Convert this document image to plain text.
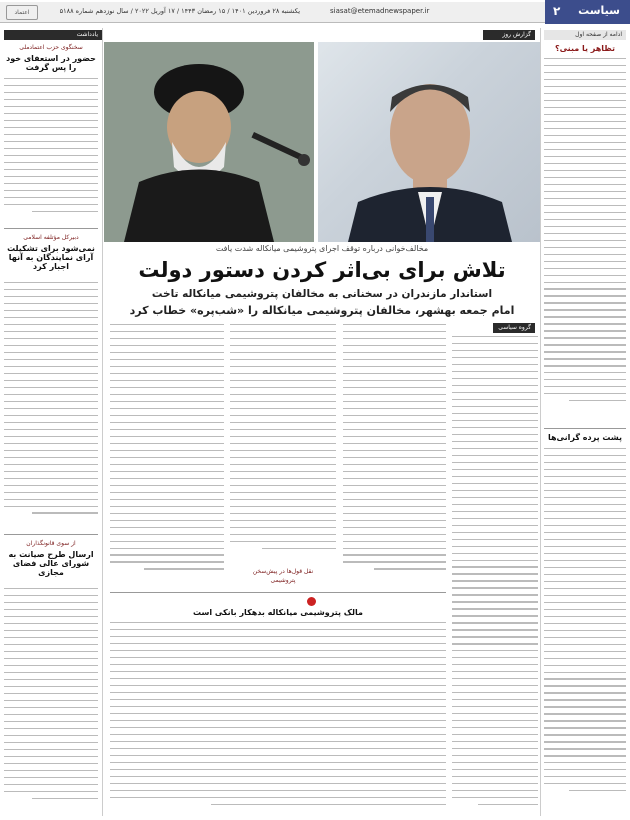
اعتماد	siasat@etemadnewspaper.ir
یکشنبه ۲۸ فروردین ۱۴۰۱ / ۱۵ رمضان ۱۴۴۳ / ۱۷ آوریل ۲۰۲۲ / سال نوزدهم شماره ۵۱۸۸	سیاست
۲
ادامه از صفحه اول
تظاهر یا مبنی؟
پشت پرده گرانی‌ها
گزارش روز
مخالف‌خوانی درباره توقف اجرای پتروشیمی میانکاله شدت یافت
تلاش برای بی‌اثر کردن دستور دولت
استاندار مازندران در سخنانی به مخالفان پتروشیمی میانکاله تاخت
امام جمعه بهشهر، مخالفان پتروشیمی میانکاله را «شب‌پره» خطاب کرد
گروه سیاسی
نقل قول‌ها در پیش‌سخن
پتروشیمی
مالک پتروشیمی میانکاله بدهکار بانکی است
یادداشت
سخنگوی حزب اعتمادملی
حضور در استعفای خود را پس گرفت
دبیرکل مؤتلفه اسلامی
نمی‌شود برای تشکیلت آرای نمایندگان به آنها اجبار کرد
از سوی قانونگذاران
ارسال طرح صیانت به شورای عالی فضای مجازی
